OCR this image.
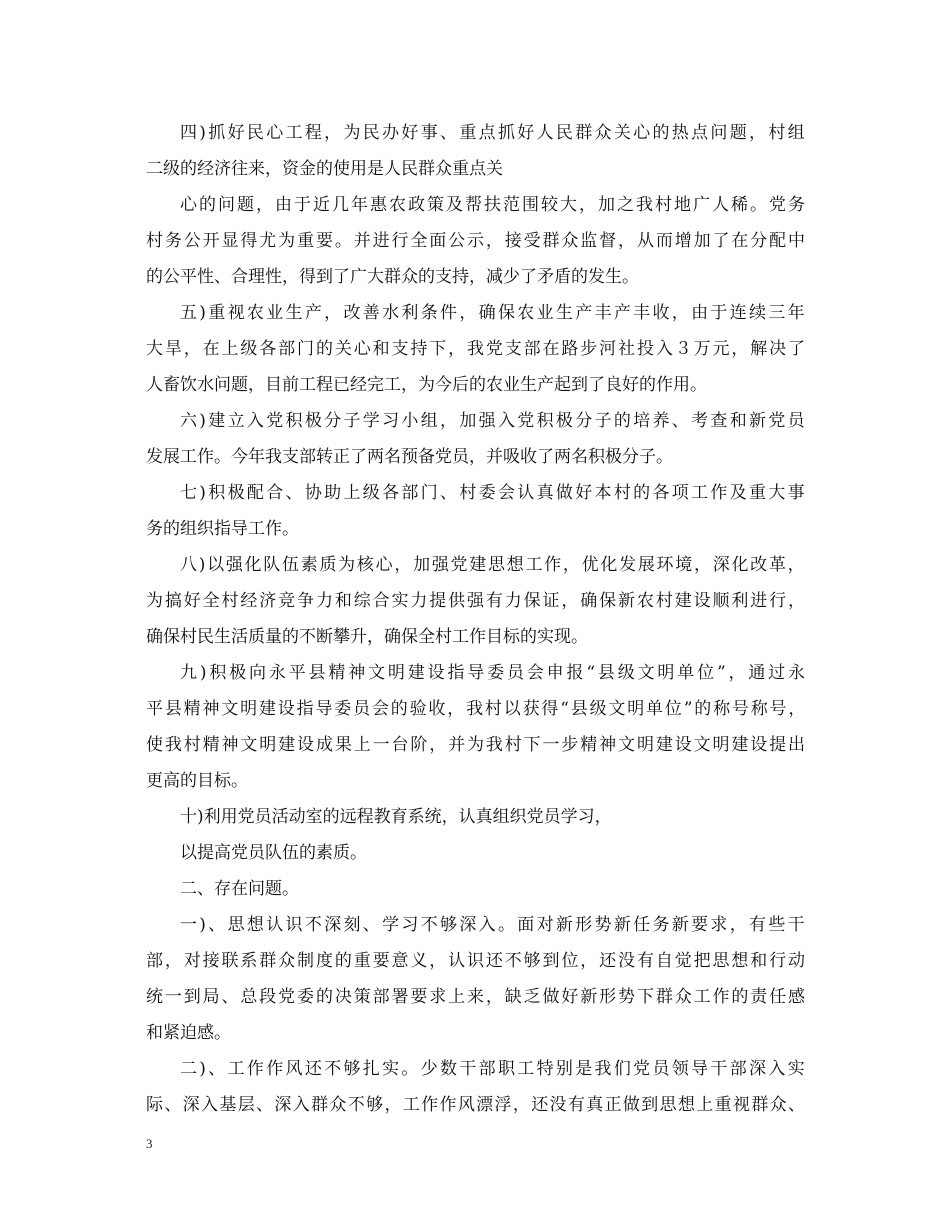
四)抓好民心工程，为民办好事、重点抓好人民群众关心的热点问题，村组
二级的经济往来，资金的使用是人民群众重点关
心的问题，由于近几年惠农政策及帮扶范围较大，加之我村地广人稀。党务
村务公开显得尤为重要。并进行全面公示，接受群众监督，从而增加了在分配中
的公平性、合理性，得到了广大群众的支持，减少了矛盾的发生。
五)重视农业生产，改善水利条件，确保农业生产丰产丰收，由于连续三年
大旱，在上级各部门的关心和支持下，我党支部在路步河社投入３万元，解决了
人畜饮水问题，目前工程已经完工，为今后的农业生产起到了良好的作用。
六)建立入党积极分子学习小组，加强入党积极分子的培养、考查和新党员
发展工作。今年我支部转正了两名预备党员，并吸收了两名积极分子。
七)积极配合、协助上级各部门、村委会认真做好本村的各项工作及重大事
务的组织指导工作。
八)以强化队伍素质为核心，加强党建思想工作，优化发展环境，深化改革，
为搞好全村经济竞争力和综合实力提供强有力保证，确保新农村建设顺利进行，
确保村民生活质量的不断攀升，确保全村工作目标的实现。
九)积极向永平县精神文明建设指导委员会申报“县级文明单位”，通过永
平县精神文明建设指导委员会的验收，我村以获得“县级文明单位”的称号称号，
使我村精神文明建设成果上一台阶，并为我村下一步精神文明建设文明建设提出
更高的目标。
十)利用党员活动室的远程教育系统，认真组织党员学习，
以提高党员队伍的素质。
二、存在问题。
一)、思想认识不深刻、学习不够深入。面对新形势新任务新要求，有些干
部，对接联系群众制度的重要意义，认识还不够到位，还没有自觉把思想和行动
统一到局、总段党委的决策部署要求上来，缺乏做好新形势下群众工作的责任感
和紧迫感。
二)、工作作风还不够扎实。少数干部职工特别是我们党员领导干部深入实
际、深入基层、深入群众不够，工作作风漂浮，还没有真正做到思想上重视群众、
3
